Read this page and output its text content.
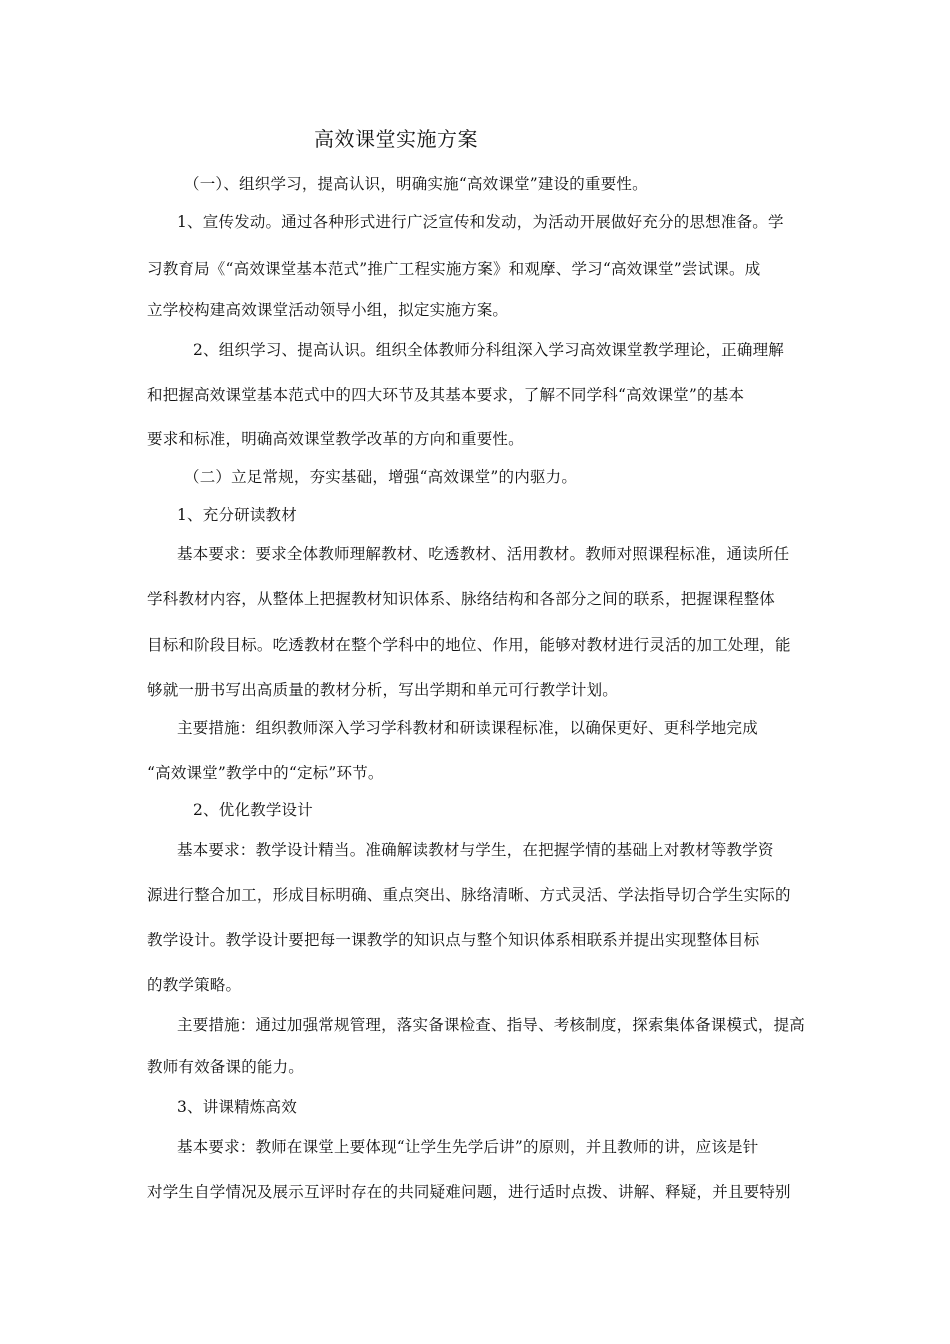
高效课堂实施方案
（一）、组织学习，提高认识，明确实施“高效课堂”建设的重要性。
1、宣传发动。通过各种形式进行广泛宣传和发动，为活动开展做好充分的思想准备。学
习教育局《“高效课堂基本范式”推广工程实施方案》和观摩、学习“高效课堂”尝试课。成
立学校构建高效课堂活动领导小组，拟定实施方案。
2、组织学习、提高认识。组织全体教师分科组深入学习高效课堂教学理论，正确理解
和把握高效课堂基本范式中的四大环节及其基本要求，了解不同学科“高效课堂”的基本
要求和标准，明确高效课堂教学改革的方向和重要性。
（二）立足常规，夯实基础，增强“高效课堂”的内驱力。
1、充分研读教材
基本要求：要求全体教师理解教材、吃透教材、活用教材。教师对照课程标准，通读所任
学科教材内容，从整体上把握教材知识体系、脉络结构和各部分之间的联系，把握课程整体
目标和阶段目标。吃透教材在整个学科中的地位、作用，能够对教材进行灵活的加工处理，能
够就一册书写出高质量的教材分析，写出学期和单元可行教学计划。
主要措施：组织教师深入学习学科教材和研读课程标准，以确保更好、更科学地完成
“高效课堂”教学中的“定标”环节。
2、优化教学设计
基本要求：教学设计精当。准确解读教材与学生，在把握学情的基础上对教材等教学资
源进行整合加工，形成目标明确、重点突出、脉络清晰、方式灵活、学法指导切合学生实际的
教学设计。教学设计要把每一课教学的知识点与整个知识体系相联系并提出实现整体目标
的教学策略。
主要措施：通过加强常规管理，落实备课检查、指导、考核制度，探索集体备课模式，提高
教师有效备课的能力。
3、讲课精炼高效
基本要求：教师在课堂上要体现“让学生先学后讲”的原则，并且教师的讲，应该是针
对学生自学情况及展示互评时存在的共同疑难问题，进行适时点拨、讲解、释疑，并且要特别
